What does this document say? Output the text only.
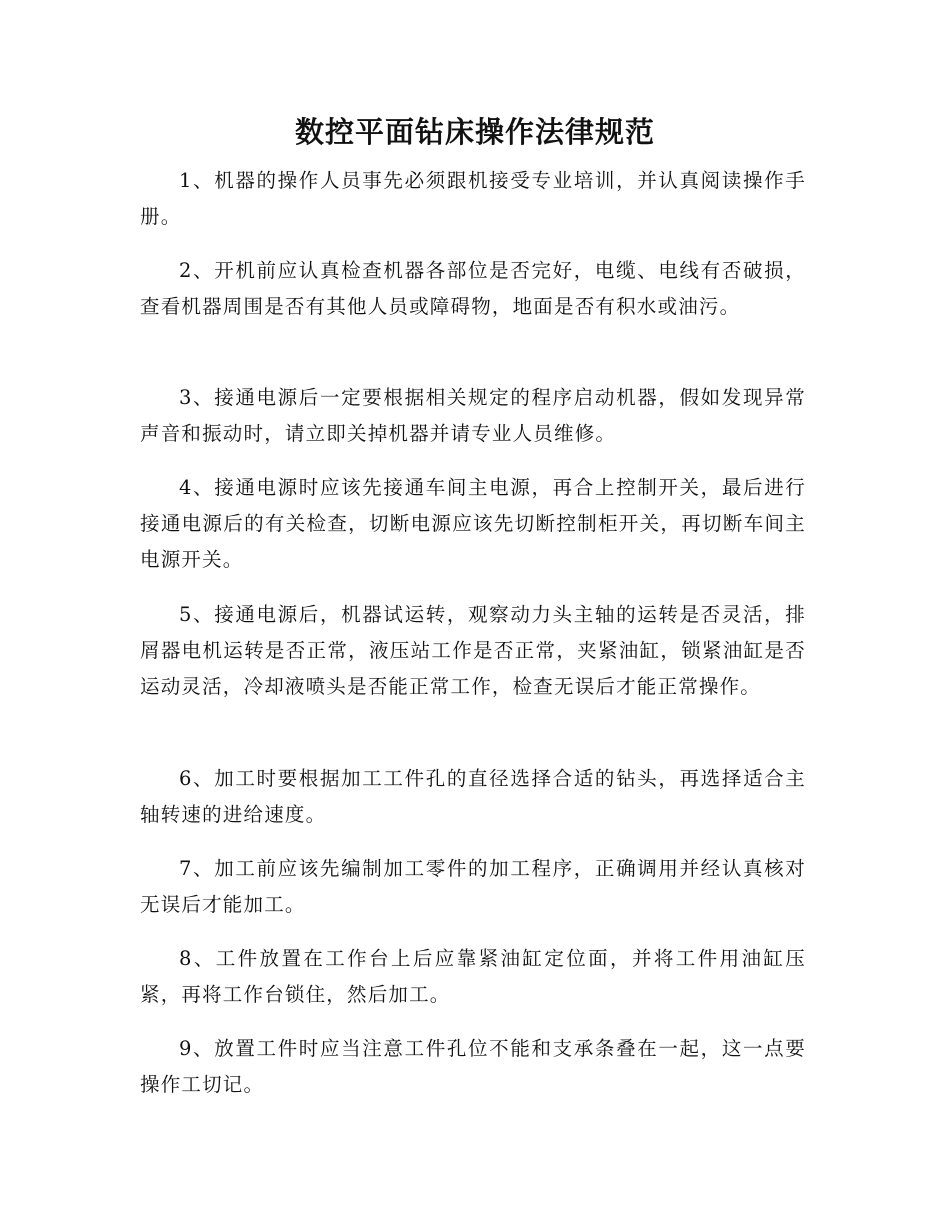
数控平面钻床操作法律规范

1、机器的操作人员事先必须跟机接受专业培训，并认真阅读操作手册。

2、开机前应认真检查机器各部位是否完好，电缆、电线有否破损，查看机器周围是否有其他人员或障碍物，地面是否有积水或油污。

3、接通电源后一定要根据相关规定的程序启动机器，假如发现异常声音和振动时，请立即关掉机器并请专业人员维修。

4、接通电源时应该先接通车间主电源，再合上控制开关，最后进行接通电源后的有关检查，切断电源应该先切断控制柜开关，再切断车间主电源开关。

5、接通电源后，机器试运转，观察动力头主轴的运转是否灵活，排屑器电机运转是否正常，液压站工作是否正常，夹紧油缸，锁紧油缸是否运动灵活，冷却液喷头是否能正常工作，检查无误后才能正常操作。

6、加工时要根据加工工件孔的直径选择合适的钻头，再选择适合主轴转速的进给速度。

7、加工前应该先编制加工零件的加工程序，正确调用并经认真核对无误后才能加工。

8、工件放置在工作台上后应靠紧油缸定位面，并将工件用油缸压紧，再将工作台锁住，然后加工。

9、放置工件时应当注意工件孔位不能和支承条叠在一起，这一点要操作工切记。
